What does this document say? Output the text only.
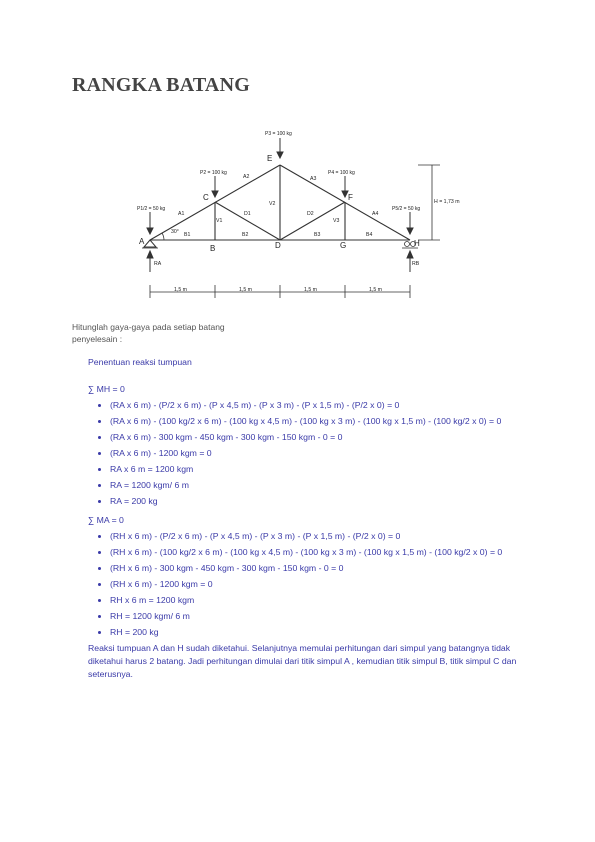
RANGKA BATANG
P1/2 = 50 kg
P2 = 100 kg
P3 = 100 kg
P4 = 100 kg
P5/2 = 50 kg
A
B
C
D
E
F
G	H
A1
A2	A3
A4
B1	B2	B3	B4
V1
V2
V3
D1	D2
30°
H = 1,73 m
RA	RB
1,5 m	1,5 m	1,5 m	1,5 m
Hitunglah gaya-gaya pada setiap batang
penyelesain :

Penentuan reaksi tumpuan

∑ MH = 0

• (RA x 6 m) - (P/2 x 6 m) - (P x 4,5 m) - (P x 3 m) - (P x 1,5 m) - (P/2 x 0) = 0
• (RA x 6 m) - (100 kg/2 x 6 m) - (100 kg x 4,5 m) - (100 kg x 3 m) - (100 kg x 1,5 m) - (100 kg/2 x 0) = 0
• (RA x 6 m) - 300 kgm - 450 kgm - 300 kgm - 150 kgm - 0 = 0
• (RA x 6 m) - 1200 kgm = 0
• RA x 6 m = 1200 kgm
• RA = 1200 kgm/ 6 m
• RA = 200 kg

∑ MA = 0

• (RH x 6 m) - (P/2 x 6 m) - (P x 4,5 m) - (P x 3 m) - (P x 1,5 m) - (P/2 x 0) = 0
• (RH x 6 m) - (100 kg/2 x 6 m) - (100 kg x 4,5 m) - (100 kg x 3 m) - (100 kg x 1,5 m) - (100 kg/2 x 0) = 0
• (RH x 6 m) - 300 kgm - 450 kgm - 300 kgm - 150 kgm - 0 = 0
• (RH x 6 m) - 1200 kgm = 0
• RH x 6 m = 1200 kgm
• RH = 1200 kgm/ 6 m
• RH = 200 kg

Reaksi tumpuan A dan H sudah diketahui. Selanjutnya memulai perhitungan dari simpul yang batangnya tidak diketahui harus 2 batang. Jadi perhitungan dimulai dari titik simpul A , kemudian titik simpul B, titik simpul C dan seterusnya.
